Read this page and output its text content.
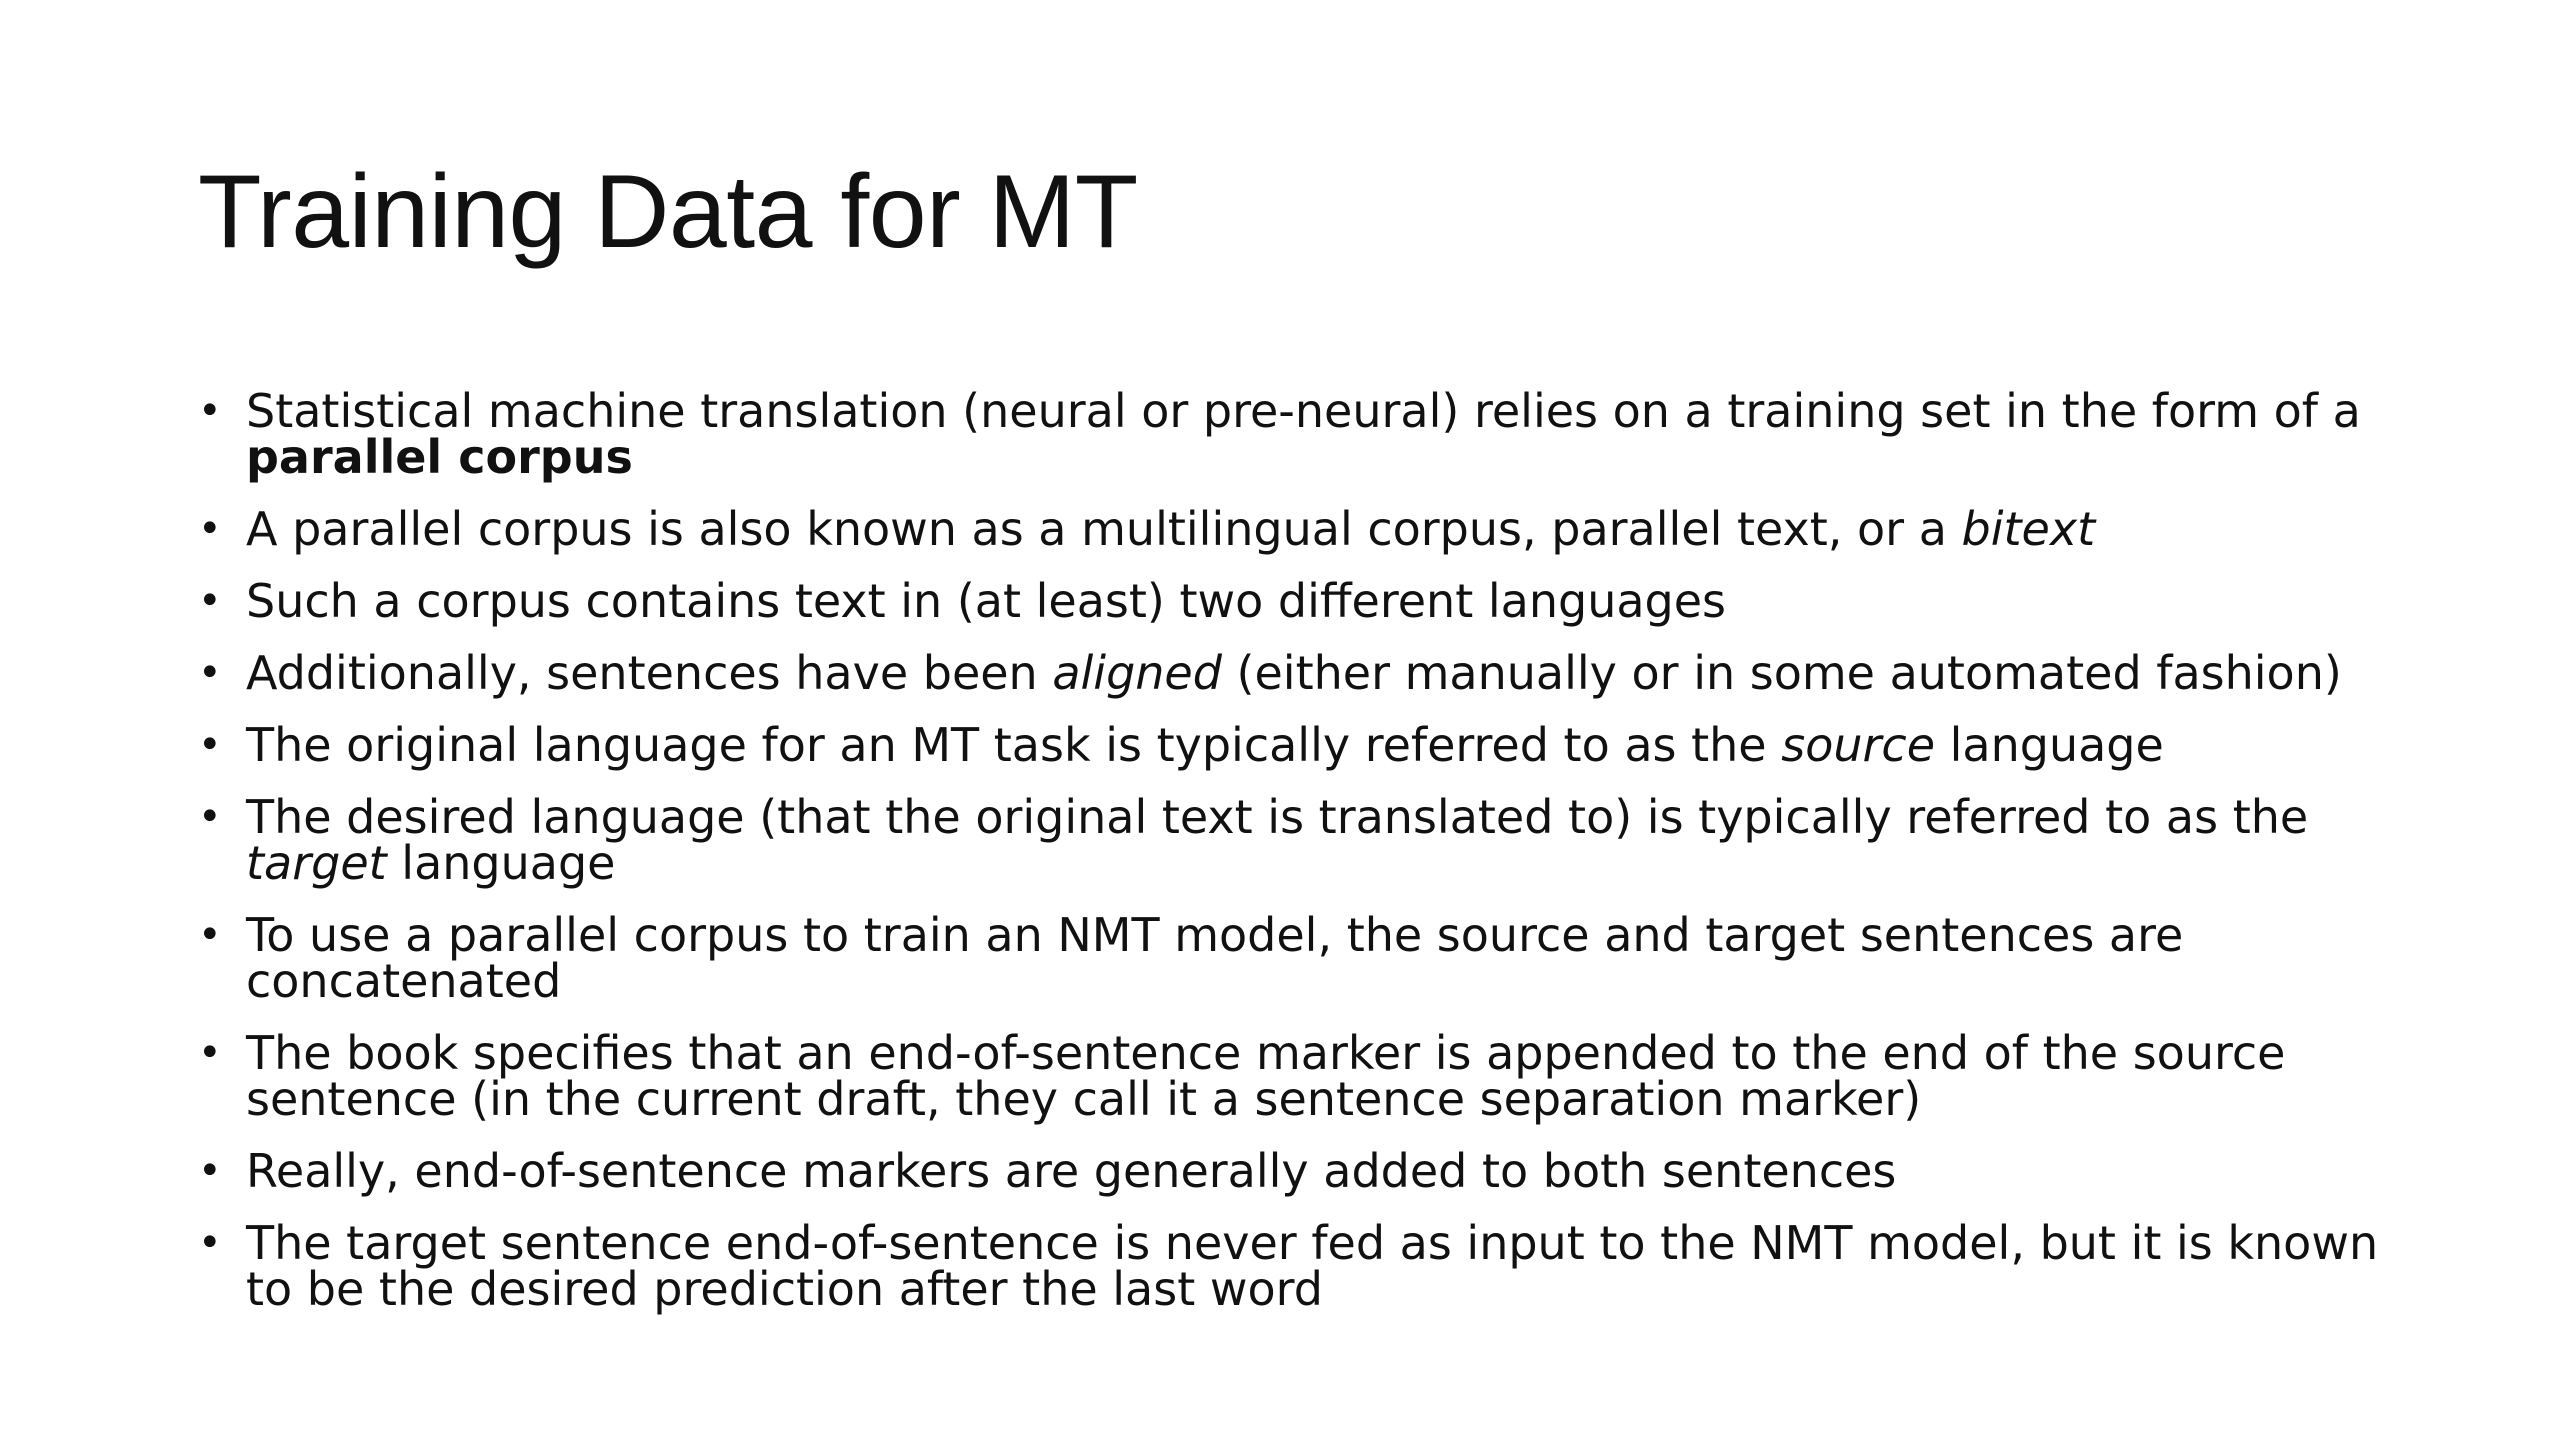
Training Data for MT
• Statistical machine translation (neural or pre-neural) relies on a training set in the form of a parallel corpus
• A parallel corpus is also known as a multilingual corpus, parallel text, or a bitext
• Such a corpus contains text in (at least) two different languages
• Additionally, sentences have been aligned (either manually or in some automated fashion)
• The original language for an MT task is typically referred to as the source language
• The desired language (that the original text is translated to) is typically referred to as the target language
• To use a parallel corpus to train an NMT model, the source and target sentences are concatenated
• The book specifies that an end-of-sentence marker is appended to the end of the source sentence (in the current draft, they call it a sentence separation marker)
• Really, end-of-sentence markers are generally added to both sentences
• The target sentence end-of-sentence is never fed as input to the NMT model, but it is known to be the desired prediction after the last word
